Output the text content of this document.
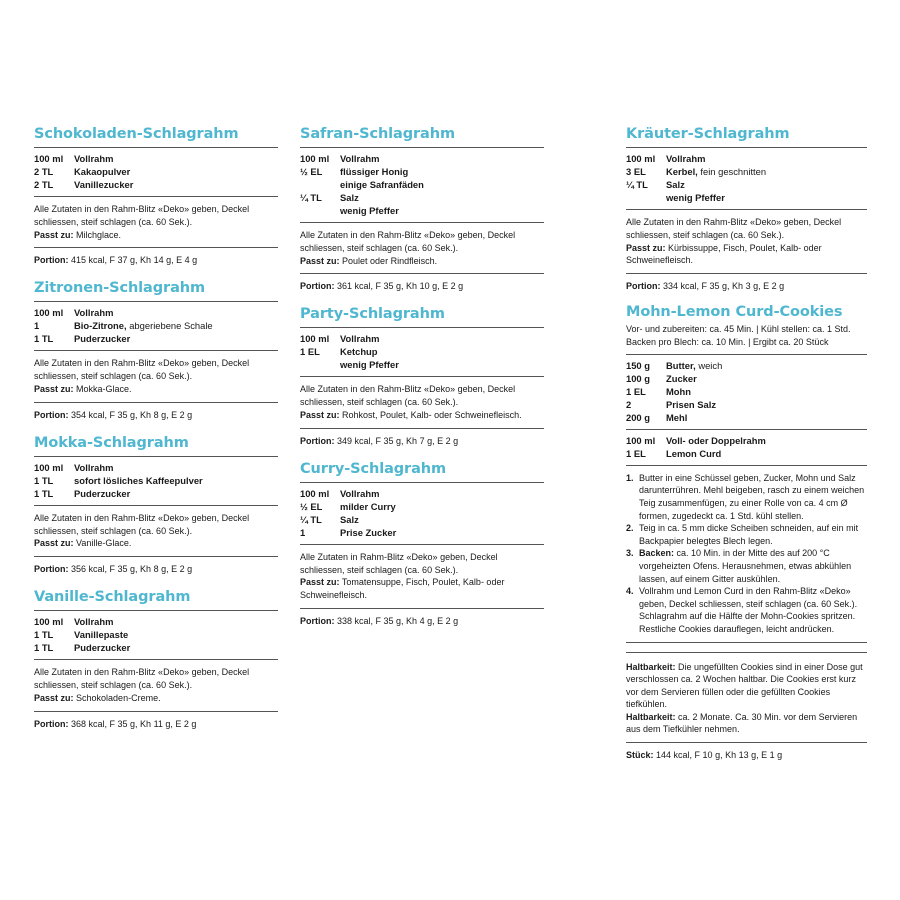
Schokoladen-Schlagrahm
100 ml	Vollrahm
2 TL	Kakaopulver
2 TL	Vanillezucker
Alle Zutaten in den Rahm-Blitz «Deko» geben, Deckel schliessen, steif schlagen (ca. 60 Sek.).
Passt zu: Milchglace.
Portion: 415 kcal, F 37 g, Kh 14 g, E 4 g
Zitronen-Schlagrahm
100 ml	Vollrahm
1	Bio-Zitrone, abgeriebene Schale
1 TL	Puderzucker
Alle Zutaten in den Rahm-Blitz «Deko» geben, Deckel schliessen, steif schlagen (ca. 60 Sek.).
Passt zu: Mokka-Glace.
Portion: 354 kcal, F 35 g, Kh 8 g, E 2 g
Mokka-Schlagrahm
100 ml	Vollrahm
1 TL	sofort lösliches Kaffeepulver
1 TL	Puderzucker
Alle Zutaten in den Rahm-Blitz «Deko» geben, Deckel schliessen, steif schlagen (ca. 60 Sek.).
Passt zu: Vanille-Glace.
Portion: 356 kcal, F 35 g, Kh 8 g, E 2 g
Vanille-Schlagrahm
100 ml	Vollrahm
1 TL	Vanillepaste
1 TL	Puderzucker
Alle Zutaten in den Rahm-Blitz «Deko» geben, Deckel schliessen, steif schlagen (ca. 60 Sek.).
Passt zu: Schokoladen-Creme.
Portion: 368 kcal, F 35 g, Kh 11 g, E 2 g
Safran-Schlagrahm
100 ml	Vollrahm
½ EL	flüssiger Honig
einige Safranfäden
¼ TL	Salz
wenig Pfeffer
Alle Zutaten in den Rahm-Blitz «Deko» geben, Deckel schliessen, steif schlagen (ca. 60 Sek.).
Passt zu: Poulet oder Rindfleisch.
Portion: 361 kcal, F 35 g, Kh 10 g, E 2 g
Party-Schlagrahm
100 ml	Vollrahm
1 EL	Ketchup
wenig Pfeffer
Alle Zutaten in den Rahm-Blitz «Deko» geben, Deckel schliessen, steif schlagen (ca. 60 Sek.).
Passt zu: Rohkost, Poulet, Kalb- oder Schweinefleisch.
Portion: 349 kcal, F 35 g, Kh 7 g, E 2 g
Curry-Schlagrahm
100 ml	Vollrahm
½ EL	milder Curry
¼ TL	Salz
1	Prise Zucker
Alle Zutaten in Rahm-Blitz «Deko» geben, Deckel schliessen, steif schlagen (ca. 60 Sek.).
Passt zu: Tomatensuppe, Fisch, Poulet, Kalb- oder Schweinefleisch.
Portion: 338 kcal, F 35 g, Kh 4 g, E 2 g
Kräuter-Schlagrahm
100 ml	Vollrahm
3 EL	Kerbel, fein geschnitten
¼ TL	Salz
wenig Pfeffer
Alle Zutaten in den Rahm-Blitz «Deko» geben, Deckel schliessen, steif schlagen (ca. 60 Sek.).
Passt zu: Kürbissuppe, Fisch, Poulet, Kalb- oder Schweinefleisch.
Portion: 334 kcal, F 35 g, Kh 3 g, E 2 g
Mohn-Lemon Curd-Cookies
Vor- und zubereiten: ca. 45 Min. | Kühl stellen: ca. 1 Std.
Backen pro Blech: ca. 10 Min. | Ergibt ca. 20 Stück
150 g	Butter, weich
100 g	Zucker
1 EL	Mohn
2	Prisen Salz
200 g	Mehl
100 ml	Voll- oder Doppelrahm
1 EL	Lemon Curd
1. Butter in eine Schüssel geben, Zucker, Mohn und Salz darunterrühren. Mehl beigeben, rasch zu einem weichen Teig zusammenfügen, zu einer Rolle von ca. 4 cm Ø formen, zugedeckt ca. 1 Std. kühl stellen.
2. Teig in ca. 5 mm dicke Scheiben schneiden, auf ein mit Backpapier belegtes Blech legen.
3. Backen: ca. 10 Min. in der Mitte des auf 200 °C vorgeheizten Ofens. Herausnehmen, etwas abkühlen lassen, auf einem Gitter auskühlen.
4. Vollrahm und Lemon Curd in den Rahm-Blitz «Deko» geben, Deckel schliessen, steif schlagen (ca. 60 Sek.). Schlagrahm auf die Hälfte der Mohn-Cookies spritzen. Restliche Cookies darauflegen, leicht andrücken.
Haltbarkeit: Die ungefüllten Cookies sind in einer Dose gut verschlossen ca. 2 Wochen haltbar. Die Cookies erst kurz vor dem Servieren füllen oder die gefüllten Cookies tiefkühlen.
Haltbarkeit: ca. 2 Monate. Ca. 30 Min. vor dem Servieren aus dem Tiefkühler nehmen.
Stück: 144 kcal, F 10 g, Kh 13 g, E 1 g
